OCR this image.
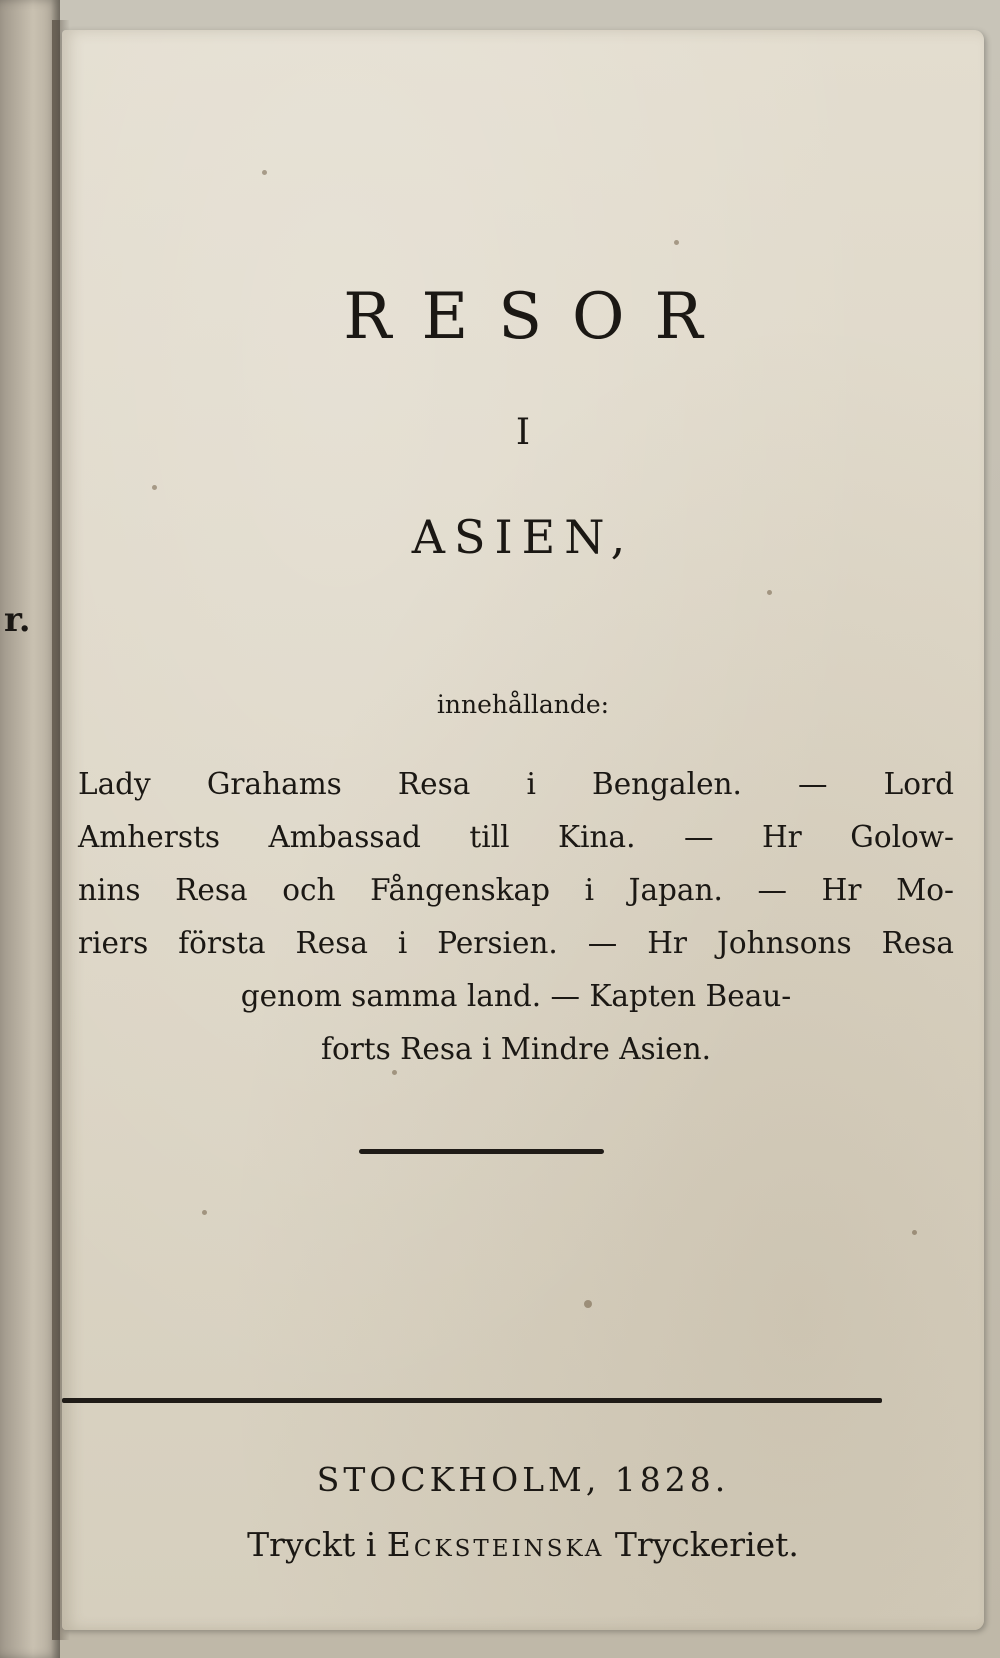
r.
RESOR
I
ASIEN,
innehållande:
Lady Grahams Resa i Bengalen. — Lord
Amhersts Ambassad till Kina. — Hr Golow-
nins Resa och Fångenskap i Japan. — Hr Mo-
riers första Resa i Persien. — Hr Johnsons Resa
genom samma land. — Kapten Beau-
forts Resa i Mindre Asien.
STOCKHOLM, 1828.
Tryckt i Ecksteinska Tryckeriet.
